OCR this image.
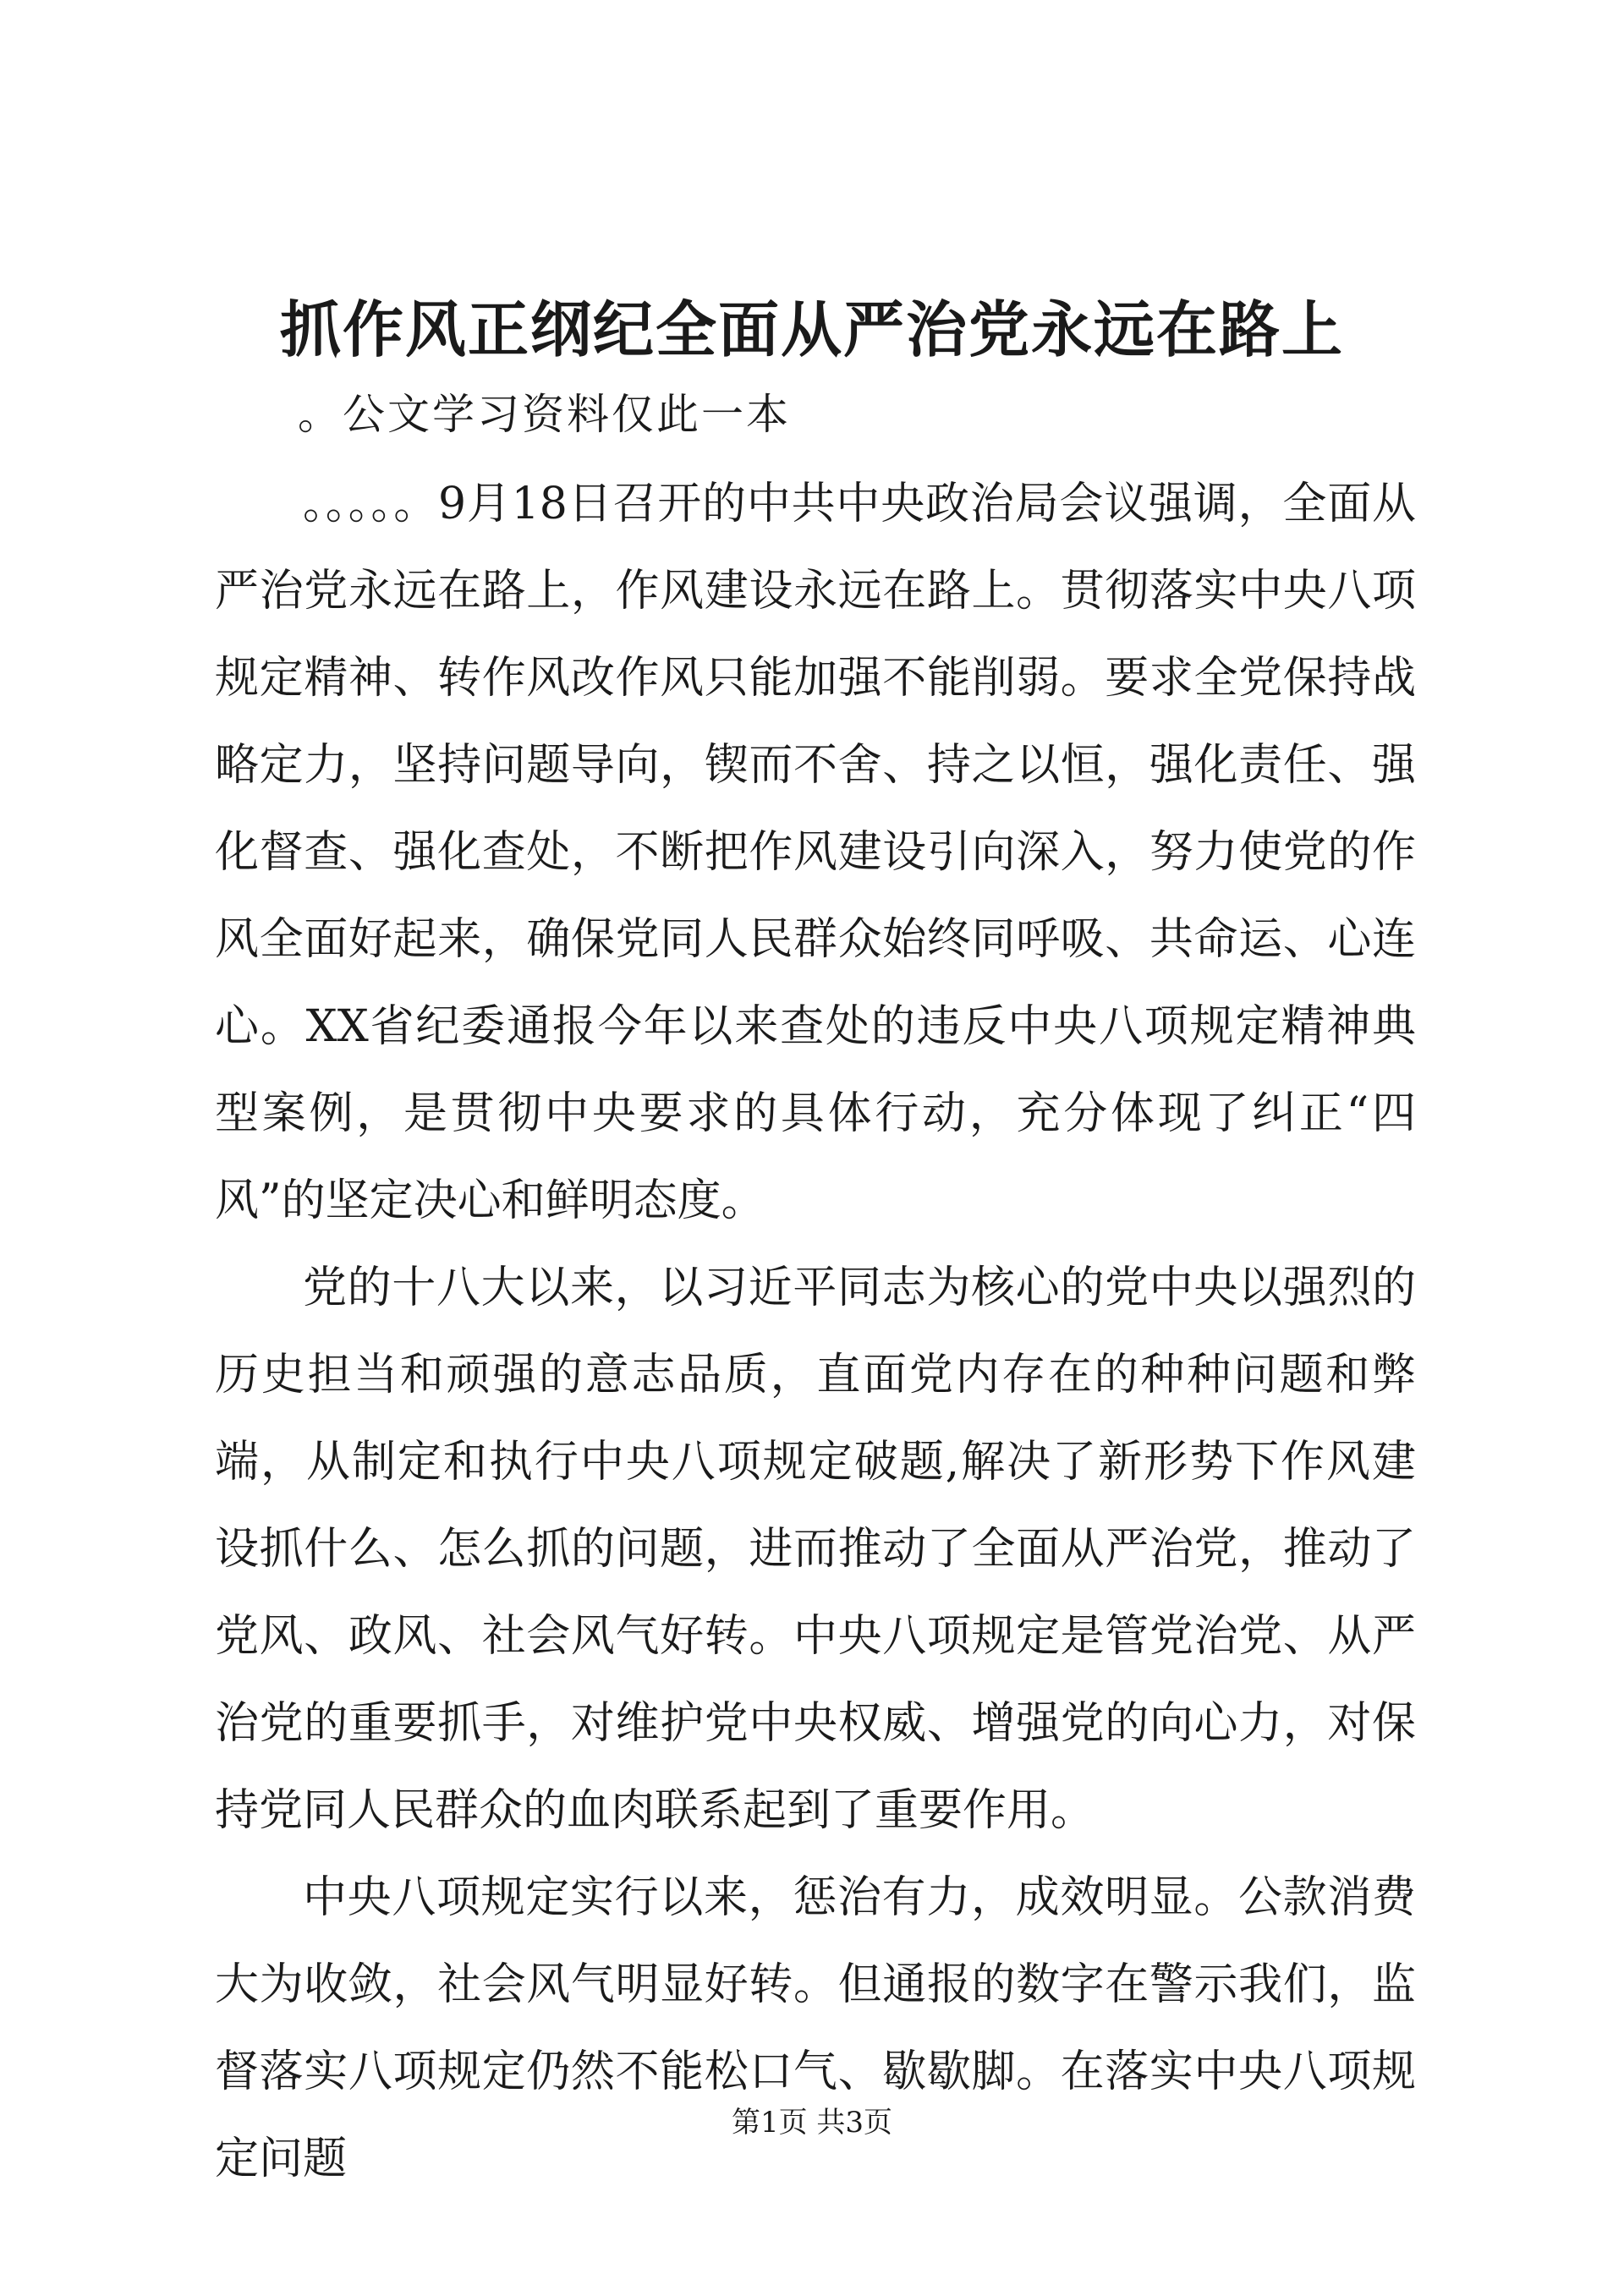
抓作风正纲纪全面从严治党永远在路上
。公文学习资料仅此一本

。。。。。9月18日召开的中共中央政治局会议强调，全面从严治党永远在路上，作风建设永远在路上。贯彻落实中央八项规定精神、转作风改作风只能加强不能削弱。要求全党保持战略定力，坚持问题导向，锲而不舍、持之以恒，强化责任、强化督查、强化查处，不断把作风建设引向深入，努力使党的作风全面好起来，确保党同人民群众始终同呼吸、共命运、心连心。XX省纪委通报今年以来查处的违反中央八项规定精神典型案例，是贯彻中央要求的具体行动，充分体现了纠正“四风”的坚定决心和鲜明态度。

党的十八大以来，以习近平同志为核心的党中央以强烈的历史担当和顽强的意志品质，直面党内存在的种种问题和弊端，从制定和执行中央八项规定破题,解决了新形势下作风建设抓什么、怎么抓的问题，进而推动了全面从严治党，推动了党风、政风、社会风气好转。中央八项规定是管党治党、从严治党的重要抓手，对维护党中央权威、增强党的向心力，对保持党同人民群众的血肉联系起到了重要作用。

中央八项规定实行以来，惩治有力，成效明显。公款消费大为收敛，社会风气明显好转。但通报的数字在警示我们，监督落实八项规定仍然不能松口气、歇歇脚。在落实中央八项规定问题

第1页 共3页
